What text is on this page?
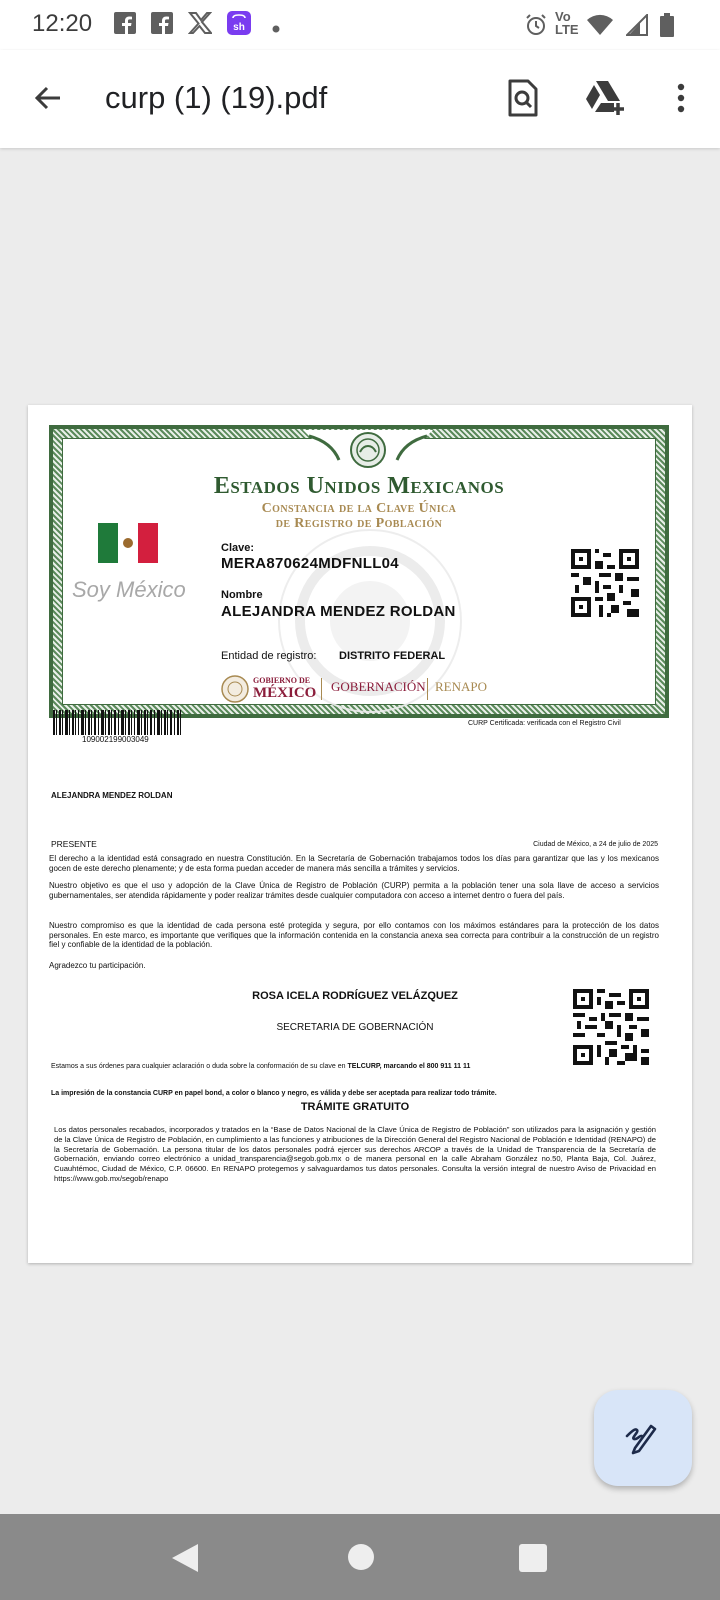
12:20	sh
Vo LTE
curp (1) (19).pdf
Estados Unidos Mexicanos
Constancia de la Clave Única
de Registro de Población
Soy México
Clave:
MERA870624MDFNLL04
Nombre
ALEJANDRA MENDEZ ROLDAN
Entidad de registro: DISTRITO FEDERAL
GOBIERNO DE
MÉXICO GOBERNACIÓN RENAPO
109002199003049
CURP Certificada: verificada con el Registro Civil
ALEJANDRA MENDEZ ROLDAN
PRESENTE	Ciudad de México, a 24 de julio de 2025
El derecho a la identidad está consagrado en nuestra Constitución. En la Secretaría de Gobernación trabajamos todos los días para garantizar que las y los mexicanos gocen de este derecho plenamente; y de esta forma puedan acceder de manera más sencilla a trámites y servicios.
Nuestro objetivo es que el uso y adopción de la Clave Única de Registro de Población (CURP) permita a la población tener una sola llave de acceso a servicios gubernamentales, ser atendida rápidamente y poder realizar trámites desde cualquier computadora con acceso a internet dentro o fuera del país.
Nuestro compromiso es que la identidad de cada persona esté protegida y segura, por ello contamos con los máximos estándares para la protección de los datos personales. En este marco, es importante que verifiques que la información contenida en la constancia anexa sea correcta para contribuir a la construcción de un registro fiel y confiable de la identidad de la población.
Agradezco tu participación.
ROSA ICELA RODRÍGUEZ VELÁZQUEZ
SECRETARIA DE GOBERNACIÓN
Estamos a sus órdenes para cualquier aclaración o duda sobre la conformación de su clave en TELCURP, marcando el 800 911 11 11
La impresión de la constancia CURP en papel bond, a color o blanco y negro, es válida y debe ser aceptada para realizar todo trámite.
TRÁMITE GRATUITO
Los datos personales recabados, incorporados y tratados en la “Base de Datos Nacional de la Clave Única de Registro de Población” son utilizados para la asignación y gestión de la Clave Única de Registro de Población, en cumplimiento a las funciones y atribuciones de la Dirección General del Registro Nacional de Población e Identidad (RENAPO) de la Secretaría de Gobernación. La persona titular de los datos personales podrá ejercer sus derechos ARCOP a través de la Unidad de Transparencia de la Secretaría de Gobernación, enviando correo electrónico a unidad_transparencia@segob.gob.mx o de manera personal en la calle Abraham González no.50, Planta Baja, Col. Juárez, Cuauhtémoc, Ciudad de México, C.P. 06600. En RENAPO protegemos y salvaguardamos tus datos personales. Consulta la versión integral de nuestro Aviso de Privacidad en https://www.gob.mx/segob/renapo
